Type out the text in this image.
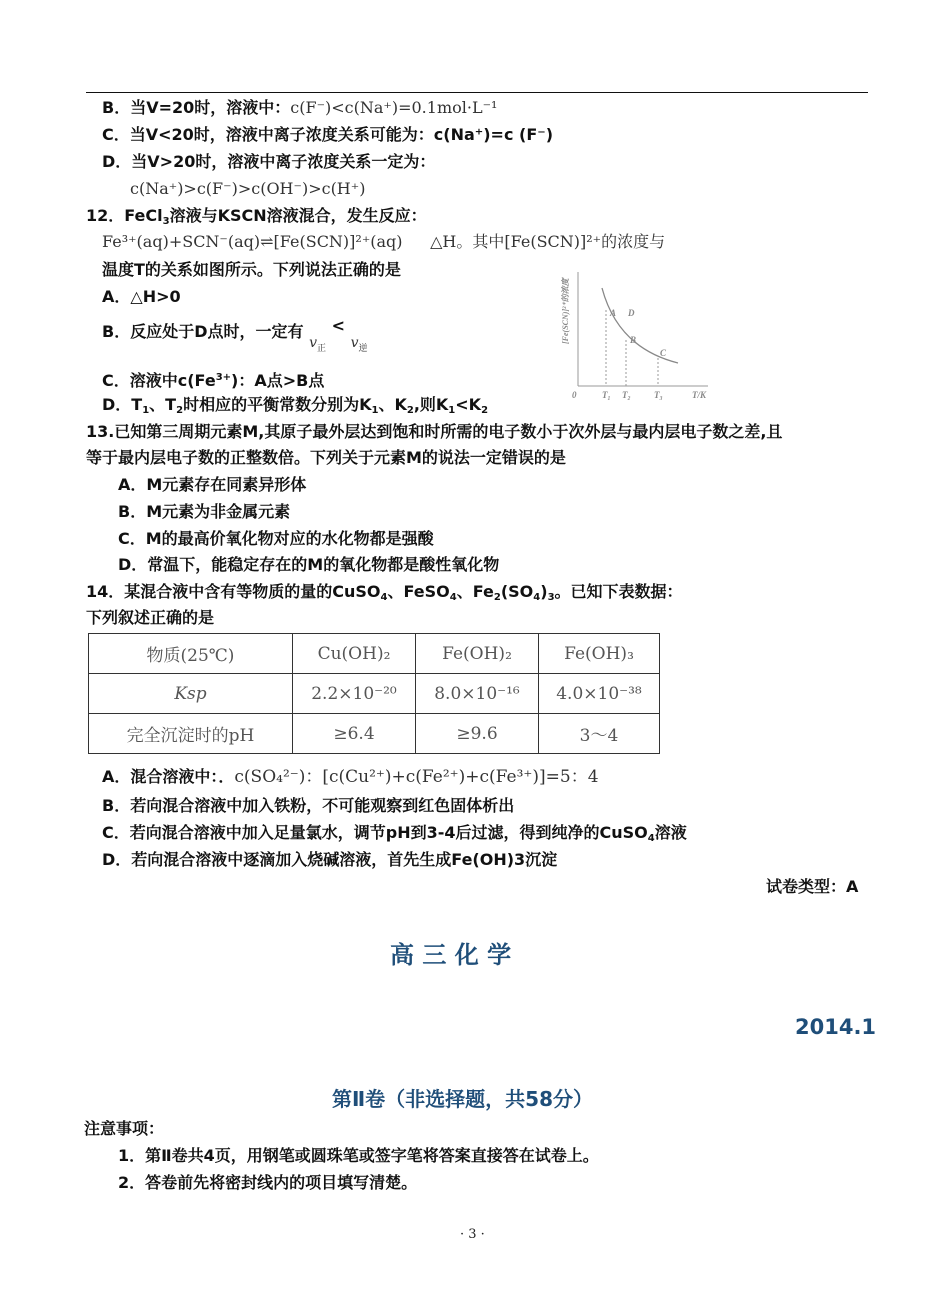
B．当V=20时，溶液中：c(F⁻)<c(Na⁺)=0.1mol·L⁻¹
C．当V<20时，溶液中离子浓度关系可能为：c(Na⁺)=c (F⁻)
D．当V>20时，溶液中离子浓度关系一定为：
c(Na⁺)>c(F⁻)>c(OH⁻)>c(H⁺)
12．FeCl$_3$溶液与KSCN溶液混合，发生反应：
Fe³⁺(aq)+SCN⁻(aq)⇌[Fe(SCN)]²⁺(aq) △H。其中[Fe(SCN)]²⁺的浓度与
温度T的关系如图所示。下列说法正确的是
A．△H>0
B．反应处于D点时，一定有 $v_正 < v_逆$
C．溶液中$c(Fe^{3+})$：A点>B点
D．$T_1$、$T_2$时相应的平衡常数分别为$K_1$、$K_2$,则$K_1<K_2$
[Fe(SCN)]²⁺的浓度
0	T/K
T₁ T₂	T₃
A D
B
C
13.已知第三周期元素M,其原子最外层达到饱和时所需的电子数小于次外层与最内层电子数之差,且
等于最内层电子数的正整数倍。下列关于元素M的说法一定错误的是
A．M元素存在同素异形体
B．M元素为非金属元素
C．M的最高价氧化物对应的水化物都是强酸
D．常温下，能稳定存在的M的氧化物都是酸性氧化物
14．某混合液中含有等物质的量的CuSO$_4$、FeSO$_4$、$Fe_2(SO_4)_3$。已知下表数据：
下列叙述正确的是
物质(25℃)	Cu(OH)₂	Fe(OH)₂	Fe(OH)₃
Ksp	2.2×10⁻²⁰	8.0×10⁻¹⁶	4.0×10⁻³⁸
完全沉淀时的pH	≥6.4	≥9.6	3～4
A．混合溶液中：．c(SO₄²⁻)：[c(Cu²⁺)+c(Fe²⁺)+c(Fe³⁺)]=5：4
B．若向混合溶液中加入铁粉，不可能观察到红色固体析出
C．若向混合溶液中加入足量氯水，调节pH到3-4后过滤，得到纯净的CuSO$_4$溶液
D．若向混合溶液中逐滴加入烧碱溶液，首先生成Fe(OH)3沉淀
试卷类型：A
高 三 化 学
2014.1
第Ⅱ卷（非选择题，共58分）
注意事项：
1．第Ⅱ卷共4页，用钢笔或圆珠笔或签字笔将答案直接答在试卷上。
2．答卷前先将密封线内的项目填写清楚。
· 3 ·
